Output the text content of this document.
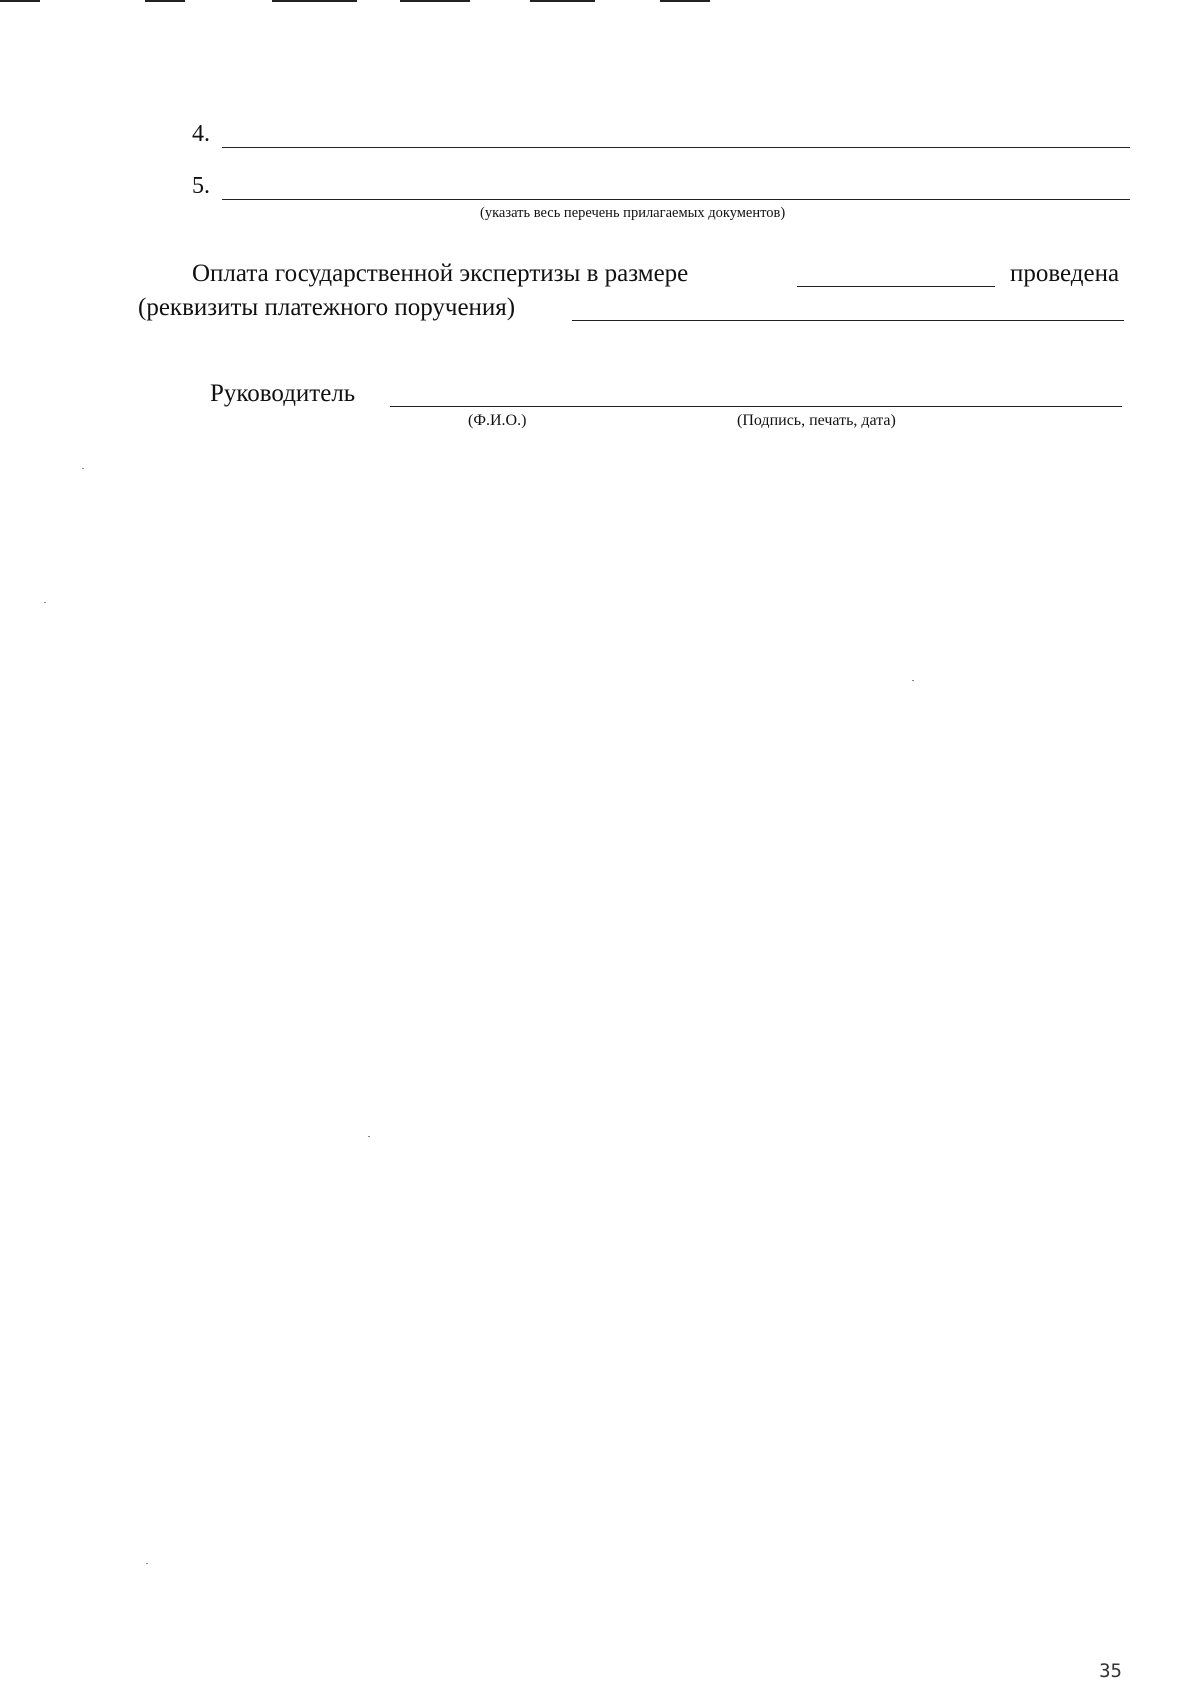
4.
5.
(указать весь перечень прилагаемых документов)
Оплата государственной экспертизы в размере	проведена
(реквизиты платежного поручения)
Руководитель
(Ф.И.О.)	(Подпись, печать, дата)
35
